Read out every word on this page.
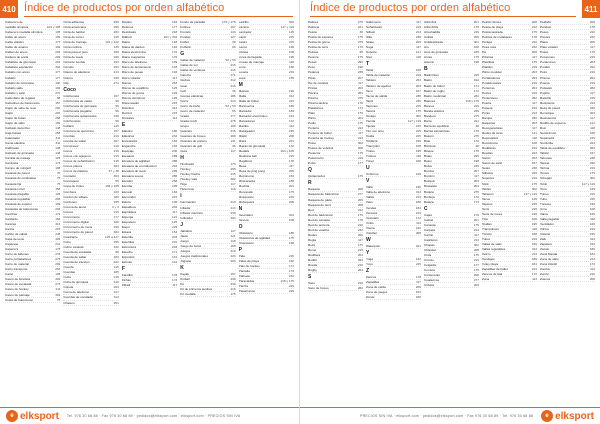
410 Índice de productos por orden alfabético
Cabecero de
medalla olímpica	104 y 105
Cabecero medalla olímpica	105
Cable de acero	199
Cable elástico	177
Cable de amarre	199
Cables de acero	209
Cadena de ancla	209
Caballete de gimnasia	201
Caballete equitación	301
Caballo con arcos	177
Caballo	177
Caballo de Gimnasia	190
Caballo salto	194
Caballo y salto	270
Calendario de regatas	88
Calcetines de baloncesto	157
Cajón de salto de reno	200
Cajón	203
Cajón de bolas	258
Cajón de salto	199
Calzado deportivo	148
Caja bolsas	258
Calentador	311
Cama elástica	311
Calibrador	138
Calzado de gimnasia	148
Camilla de masaje	125
Camiseta	173
Campo de minigolf	198
Canasta de pared	37
Canasta de minibasket	75
Canasta fija	75
Canasta móvil	158
Canasta plegable	125
Canasta regulable	265
Canasta de exterior	199
Canastas de baloncesto	204
Canchas	172
Candado	184
Canicas	313
Canoa	215
Cañón de salida	245
Capa de tenis	309
Capacete	219
Caperuza	178
Carro de balones	278
Carro portabalones	275
Carro de material	209
Carro transporte	263
Cartel	105
Casco de bicicleta	309
Casco de escalada	273
Casco de hockey	211
Casco de patinaje	309
Cesta de baloncesto	75
Cinta adhesiva	250
Cinta americana	266
Cinta de balizar	263
Cinta de correr	145
Cinta de marcaje	121 y 122
Cinta métrica	135
Cinta para el pelo	266
Cinta de suelo	169
Cinturón lumbar	153
Circuito	263
Clavos de atletismo	214
Clavos	230
Clip	274
Coco
Colchoneta	157
Colchoneta de caída	96
Colchoneta de gimnasia	96
Colchoneta plegable	96
Colchoneta quitamiedos	198
Colchonetas	96
Collarín	145
Columna de ejercicios	157
Combas	210
Comba de saltar	207
Compresor	210
Conos	215
Conos con agujeros	215
Conos de señalización	215
Conos planos	304
Conos de plástico	37 y 38
Contador	304
Contrapeso	55
Copa de trofeo	104 y 105
Corchera	220
Cordón de silbato	189
Cordones	205
Corona de laurel	2 y 3
Correa	215
Cronómetro	177
Cronómetro digital	160
Cronómetro de mesa	160
Cronómetro de pared	304
Cuadrante	125 a 127
Cubo	295
Cubre canasta	232
Cuerda de escalada	96
Cuerda de saltar	183
Cuerda de tracción	222
Cuerda	115
Cuerdas	185
Cuña	215
Cuña de gimnasia	310
Cúpula	263
Curva de atletismo	127
Cuerdas de escalada	313
Chaleco	251
Dardos	193
Defensa	177
Deslizador	218
Diábolo	101 y 304
Diana	193
Diana de dardos	194
Diana electrónica	176
Diana magnética	176
Disco de atletismo	199
Disco de lanzamiento	193
Disco de pesas	193
Disco volador	117
Discos	263
Discos de equilibrio	125
Discos de goma	125
Discos olímpicos	125
Dispensador	215
Distintivo	312
Dominó	215
Dorsales	113
E
Elástico	180
Elásticos	234
Encestador	184
Enganche	162
Equipaje	230
Escalera	289
Escalera de agilidad	285
Escalera de coordinación	294
Escalera de suelo	299
Escalera sueca	286
Escalón	258
Escoba	105
Escudo	184
Escurridor	215
Esfera	106
Espaldera	204
Espinillera	117
Esponja	121
Esqueleto	125
Esquí	229
Estaca	153
Esterilla	203
Esterillas	201
Estructura	203
Estuche	171
Expositor	161
Extintor	161
F
Farolillo	178
Fichas	173
Fitball	117
Fondo de pantalla	176 y 178
Frisbee	167
Frontón	143
Fundas	127
Fútbol	38
Futbolín	96
G
Gafas de natación	52 y 53
Gafas de sol	215
Gafas de ventisca	215
Gancho	171
Globos	312
Goal	215
Golf	36
Gomas elásticas	186
Gorra	213
Gorro de baño	52 y 53
Gorro de natación	55
Grada	177
Grada móvil	275
Grupo	199
Guantes	215
Guantes de boxeo	208
Guantes de portero	211
Guantes de golf	36
Guía	117
H
Hinchador	173
Hockey	266
Hockey hierba	215
Hockey sala	282
Hoja	117
Hula hoop	116
I
Iluminación	219
Inflador	213
Inflador eléctrico	230
Indicador	203
J
Jabalina	117
Jaula	121
Juego	118
Juego de bolos	168
Juegos	219
Juegos tradicionales	223
Juguete	203
K
Kayak	157
Kinball	238
Kit	230
Kit de primeros auxilios	219
Kit medalla	175
Ladrillo	302
Lámina	117 y 119
Lanzador	125
Lápiz	215
Lastre	215
Lazos	199
Libreta	108
Línea de llegada	195
Líneas de marcaje	118
Lona	168
Loseta	219
Lupa	135
M
Maceta	196
Malla	313
Malla de fútbol	213
Mancuerna	186
Marcador	184
Marcador electrónico	214
Marcadores	172
Martillo	113
Masajeador	216
Mástil	208
Maza	221
Mazas de gimnasia	132
Medalla	104 y 105
Medicina ball	215
Megáfono	178
Mesa	117
Mesa de ping pong	209
Metrónomo	153
Minicanasta	186
Mochila	201
Monopatín	175
Mosquetón	219
Muñequera	206
N
Neumático	301
Nevera	108
O
Obstáculo	185
Obstáculos de agilidad	175
Orientación	198
P
Pala	215
Palas de playa	192
Palo de hockey	171
Pantalla	173
Pañuelo	232
Paracaídas	118 y 175
Parche	219
Pasamanos	229
e elksport Tel. 976 30 68 88 · Fax 976 30 68 89 · pedidos@elksport.com · elksport.com · PRECIOS SIN IVA
Índice de productos por orden alfabético	411
Patines	275
Patinete	221
Pelota	38
Pelota de espuma	175
Pelota de goma	275
Pelota de tenis	176
Pelotas	28
Peonza	175
Pesas	295
Peso	198
Petanca	235
Picas	207
Pie de canasta	117
Pinzas	203
Piscina	264
Pizarra	275
Pizarra táctica	176
Plataforma	173
Plato	176
Plinto	201
Podio	175
Portería	213
Portería de fútbol	117
Portería de hockey	213
Poste	302
Postes de voleibol	208
Protector	175
Pulsómetro	219
Puzle	177
Q
Quitamiedos	175
R
Raqueta	208
Raqueta de bádminton	277
Raqueta de pádel	209
Raqueta de tenis	208
Red	212
Red de bádminton	175
Red de canasta	178
Red de portería	210
Red de voleibol	232
Redes	206
Regla	117
Reloj	175
Remo	219
Rodillera	203
Rodillo	294
Rueda	216
Rugby	264
S
Saco	219
Saco de boxeo	282
Saltómetro	117
Señalizador	219
Silbato	213
Silla	230
Skate	203
Soga	117
Soporte	121
Step	118
T
Tabla	168
Tabla de natación	219
Tablero	223
Tablero de ajedrez	203
Taco	157
Tacos de salida	238
Tapiz	230
Tapones	219
Tatami	175
Testigo	302
Tienda	117 y 119
Tijeras	125
Tiro con arco	215
Toalla	215
Tobillera	199
Trampolín	108
Trofeo	195
Trofeos	118
Túnel	168
U
Uniforme	219
V
Valla	196
Valla de atletismo	313
Vallas	213
Vaso	186
Vendas	184
Ventosa	214
Vestuario	172
Vinilo	113
Visera	216
Voleibol	208
W
Waterpolo	221
Y
Yoga	132
Yoyó	215
Z
Zancos	178
Zapatillas	117
Zona de caída	209
Zona de juegos	153
Zonas	186
Alfombra	201
Alfombrilla	175
Almohadilla	219
Anillas	206
Antideslizante	301
Aro	108
Aros de gimnasia	185
Arnés	175
Asiento	198
B
Bádminton	215
Balón	192
Balón de fútbol	171
Balón de rugby	173
Balón medicinal	232
Balones	118 y 175
Bancos	219
Banda elástica	229
Bandera	275
Barra	221
Barra de equilibrio	38
Barras asimétricas	175
Bastón	275
Bate	176
Bicicleta	28
Bloque	175
Bolas	295
Bolos	198
Bolsa	235
Bomba	207
Bombín	117
Botiquín	203
Brazalete	264
Brújula	275
Burbuja	176
Butaca	173
C
Cajas	176
Calzas	201
Canasta	175
Carpeta	213
Carrito	117
Casilleros	213
Chapas	302
Chándal	208
Cinta	175
Círculo	219
Colgador	177
Cometa	175
Contenedor	208
Cuadernos	277
Cubeta	209
Pelota rítmica	208
Pelota de playa	212
Pelota lastrada	175
Pelotas de malabares	178
Pértiga	210
Pesa rusa	232
Pie	206
Pizarras	117
Plastilina	175
Platillos	219
Plinto modular	203
Portabalones	294
Portadorsales	216
Porterías	264
Postes	219
Protectores	282
Puerta	117
Pulsera	219
Punto	213
Rampa	230
Raquetas	203
Recogepelotas	117
Redes de tenis	121
Reposapiés	118
Rocódromo	168
Rodilleras	219
Ruedas	223
Sacos	203
Sacos de salto	157
Setas	238
Silbatos	230
Soportes	219
Stick	175
Tablas	302
Tableros	117 y 119
Tacos	125
Tapices	215
Tenis	215
Tenis de mesa	199
Tiza	108
Toallas	195
Trampolines	118
Triciclo	168
Tubos	219
Vallas de salto	196
Vallas regulables	313
Velcro	213
Vendajes	186
Vóley playa	184
Zapatillas de ballet	214
Zancos de lata	172
Zona	113
Peldaño	206
Péndulo	178
Pesos	210
Pivotes	232
Placa	206
Plato volador	117
Polea	175
Pompones	219
Portaconos	203
Portátil	294
Potro	216
Prisma	264
Puente	219
Pulsador	282
Pupitre	117
Rastrillo	219
Recipiente	213
Reloj de pared	230
Remolque	203
Resistencia	117
Rodillo de espuma	121
Rulo	118
Semicírculo	168
Separador	219
Sombrilla	223
Tabla de equilibrio	203
Tablón	157
Taburete	238
Tapete	230
Tarima	219
Tensor	175
Tobogán	302
Toldo	117 y 119
Torre	125
Trineo	215
Tubo	215
Túneles	199
Urna	108
Vaina	195
Valla plegable	118
Ventilador	168
Vitrina	219
Volante	196
Zafu	313
Zapatero	213
Zócalo	186
Zona blanda	184
Zona de salto	214
Zona infantil	172
Zumba	113
Zurrón	216
Zuecos	208
PRECIOS SIN IVA · elksport.com · pedidos@elksport.com · Fax 976 30 68 89 · Tel. 976 30 68 88	e elksport
